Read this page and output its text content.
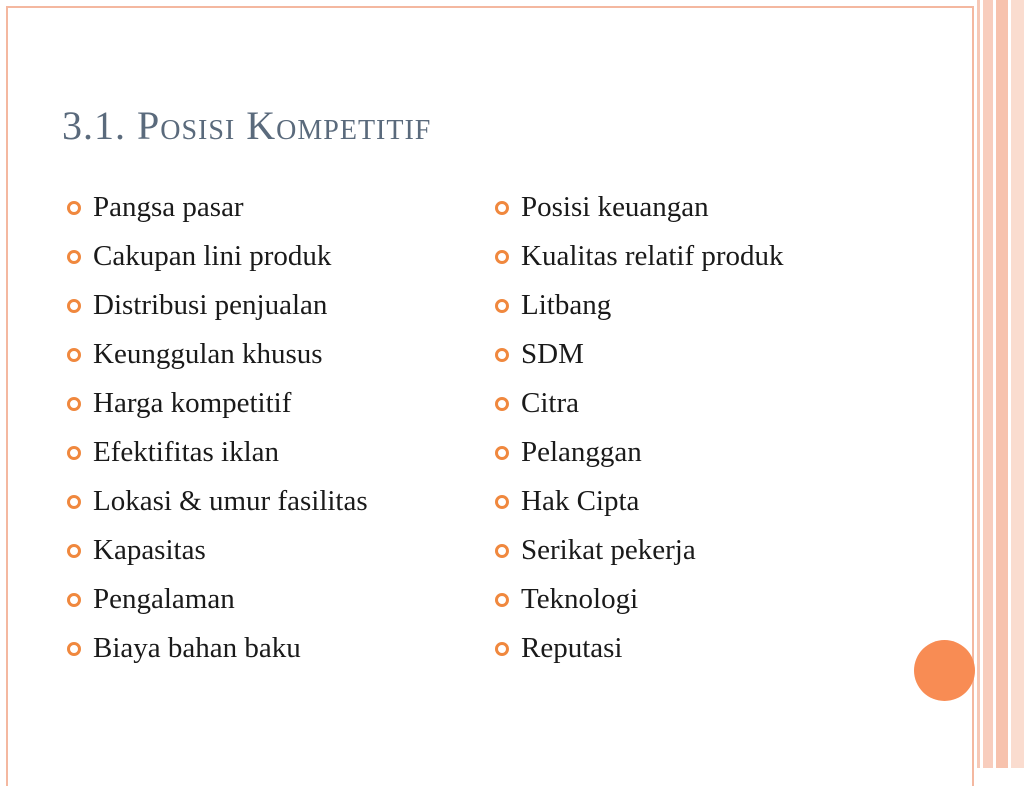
3.1. Posisi Kompetitif
Pangsa pasar
Cakupan lini produk
Distribusi penjualan
Keunggulan khusus
Harga kompetitif
Efektifitas iklan
Lokasi & umur fasilitas
Kapasitas
Pengalaman
Biaya bahan baku
Posisi keuangan
Kualitas relatif produk
Litbang
SDM
Citra
Pelanggan
Hak Cipta
Serikat pekerja
Teknologi
Reputasi
